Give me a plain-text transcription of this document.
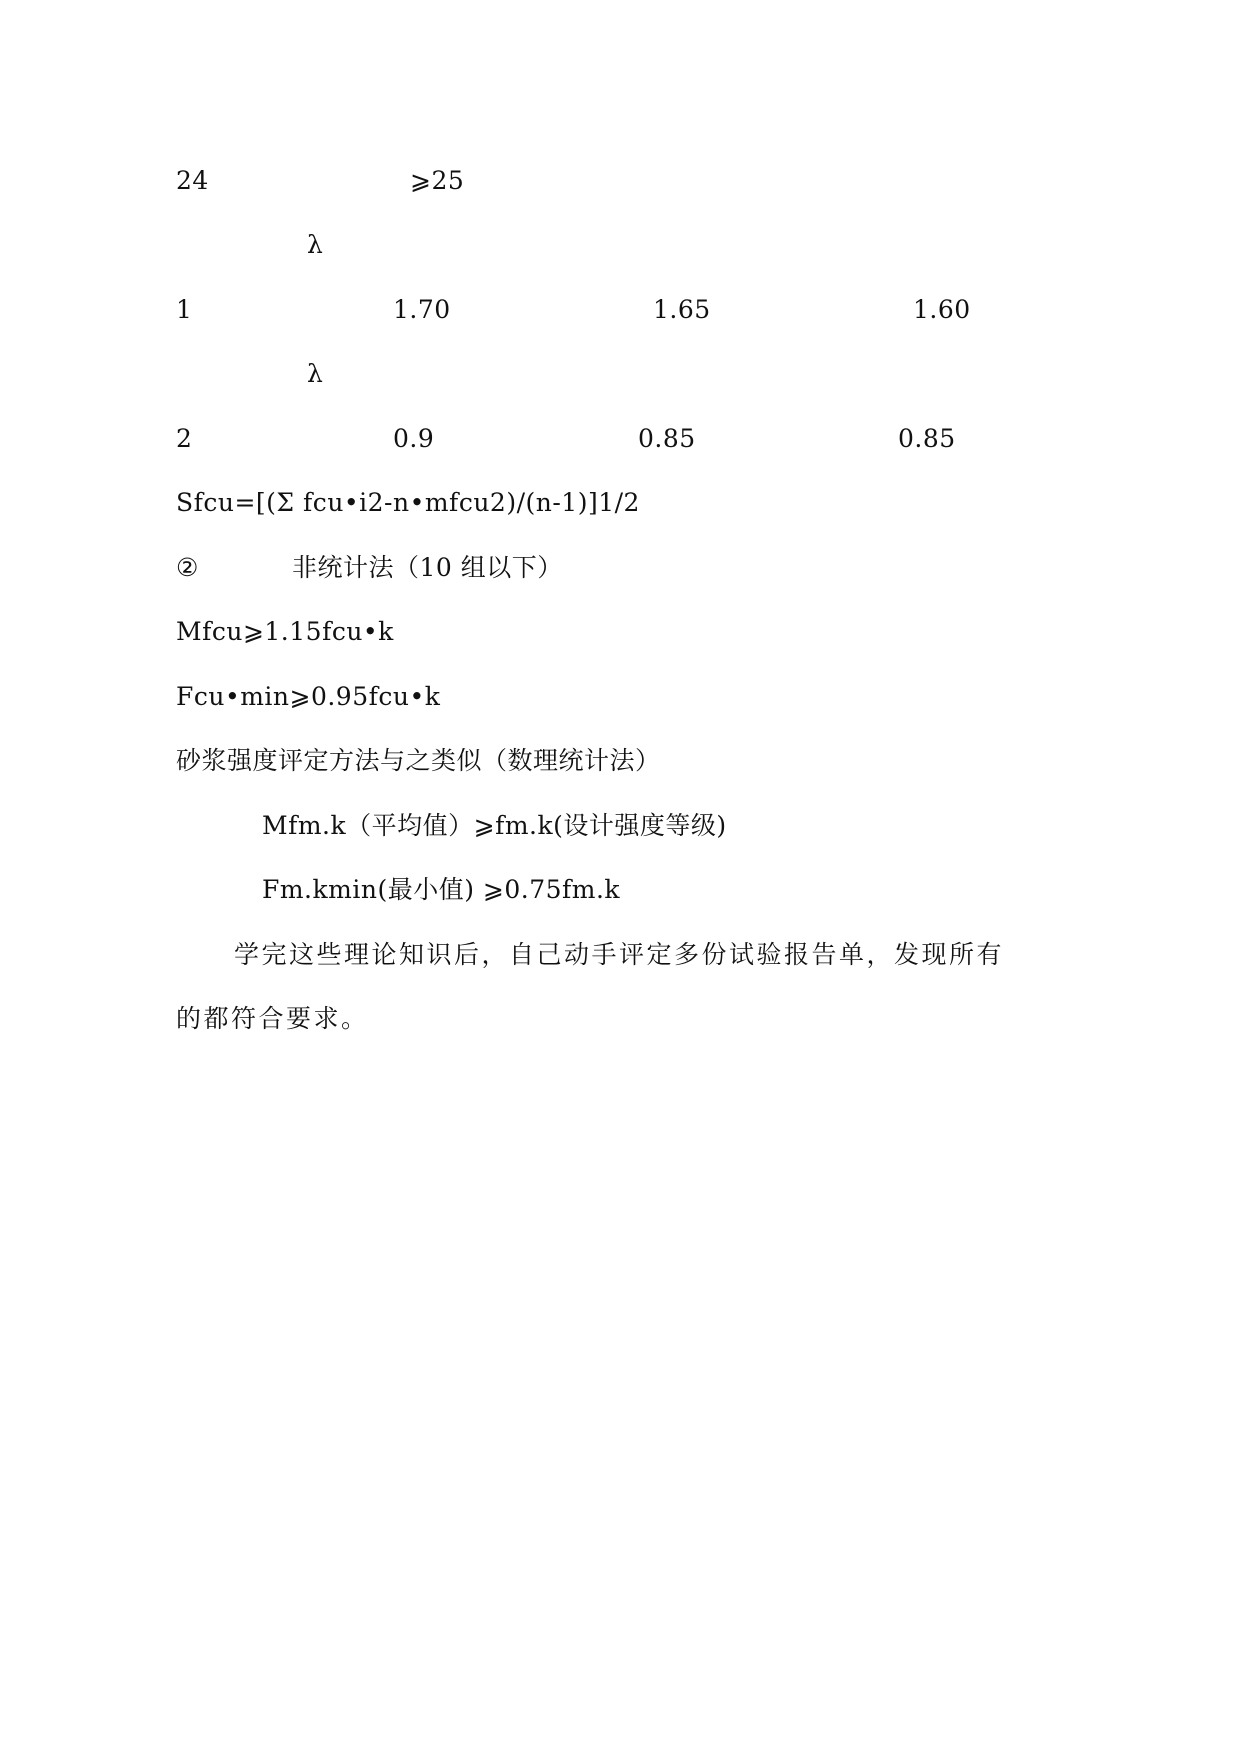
24	⩾25
λ
1	1.70	1.65	1.60
λ
2	0.9	0.85	0.85
Sfcu=[(Σ fcu•i2-n•mfcu2)/(n-1)]1/2
②	非统计法（10 组以下）
Mfcu⩾1.15fcu•k
Fcu•min⩾0.95fcu•k
砂浆强度评定方法与之类似（数理统计法）
Mfm.k（平均值）⩾fm.k(设计强度等级)
Fm.kmin(最小值) ⩾0.75fm.k
学完这些理论知识后，自己动手评定多份试验报告单，发现所有
的都符合要求。
